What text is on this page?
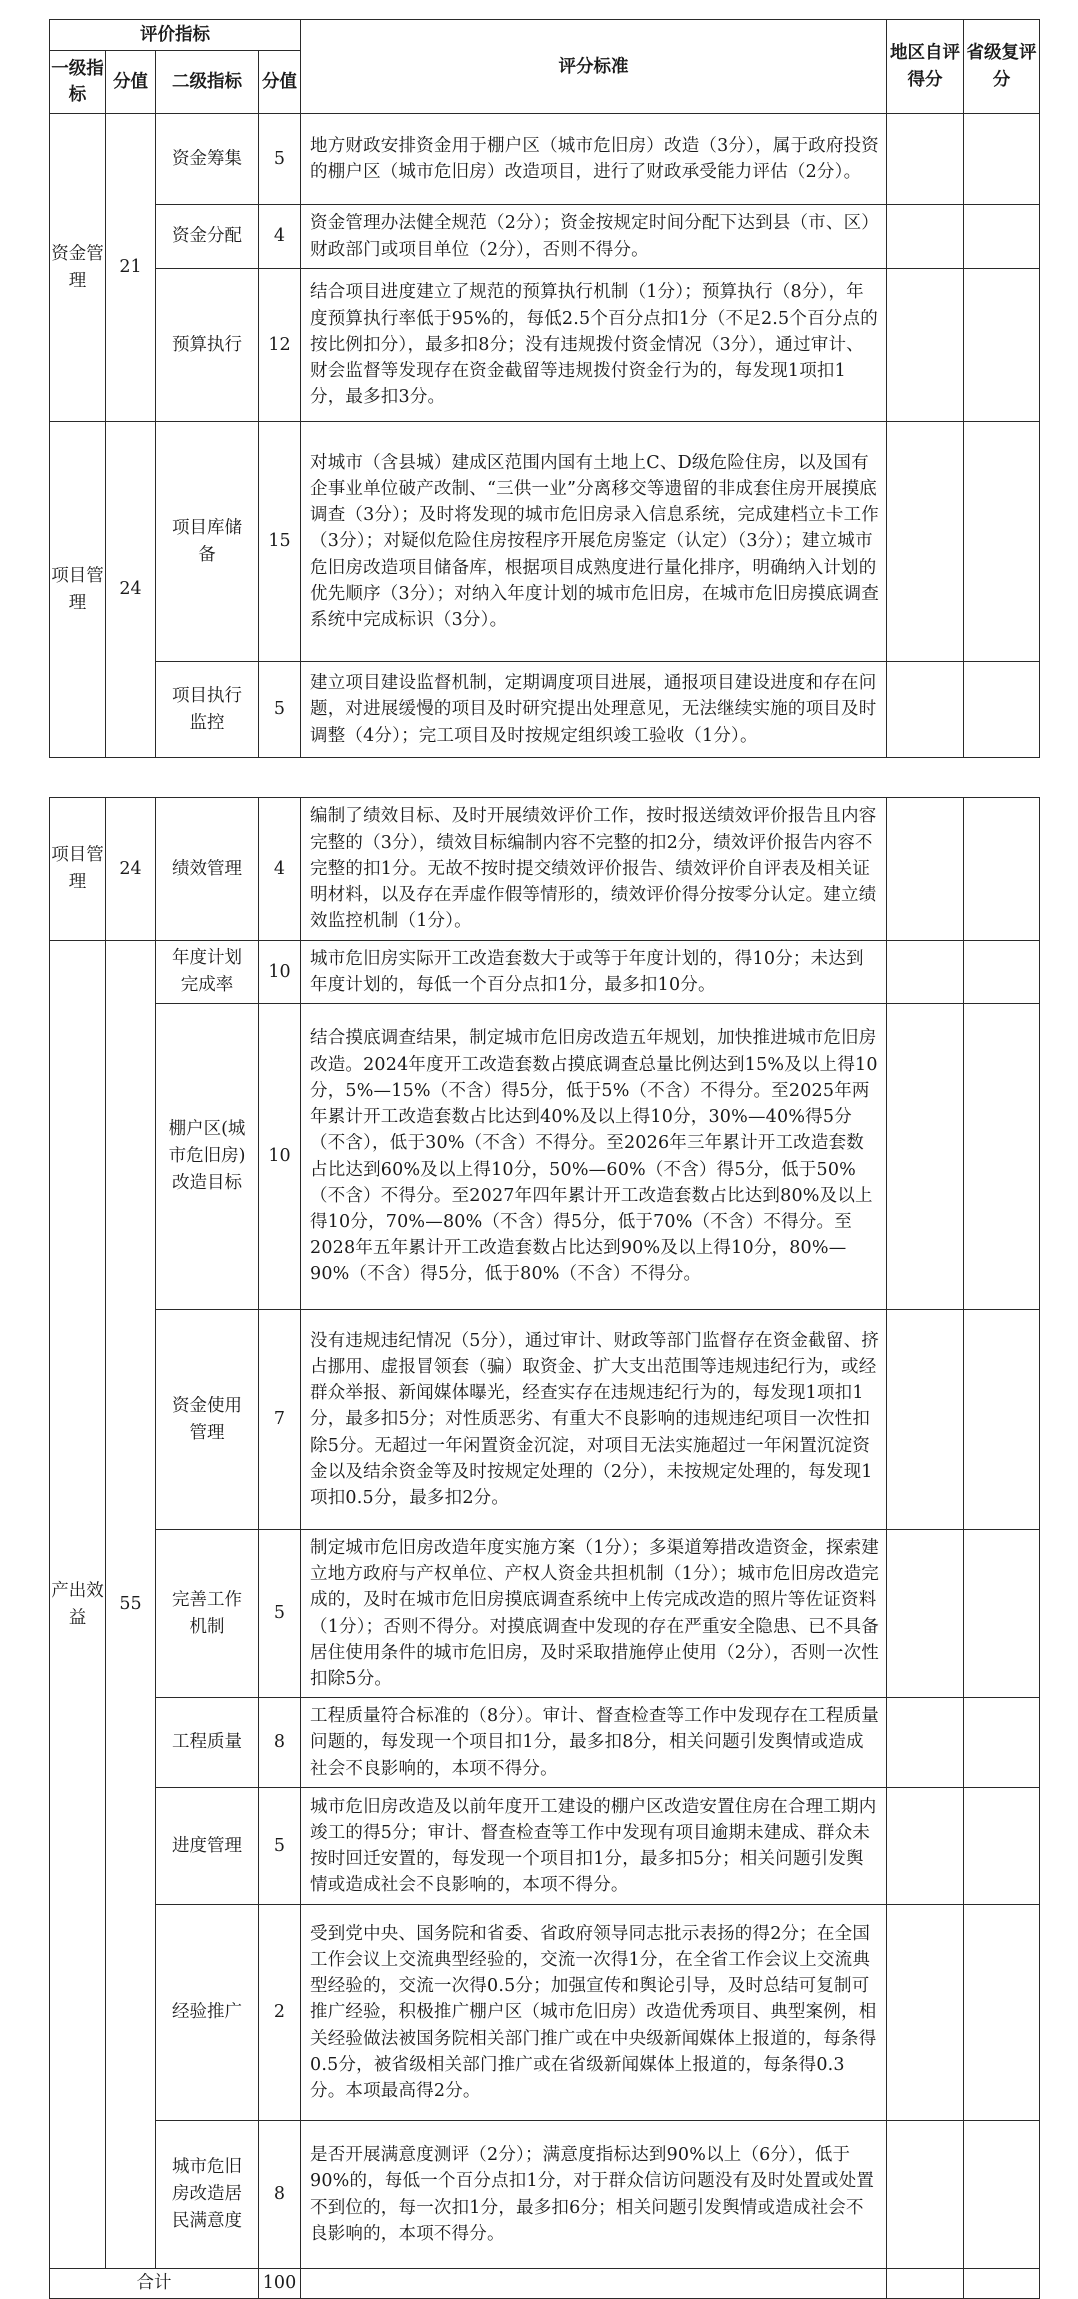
评价指标				评分标准	地区自评得分	省级复评分
一级指标	分值	二级指标	分值			
资金管理	21	资金筹集	5	地方财政安排资金用于棚户区（城市危旧房）改造（3分），属于政府投资的棚户区（城市危旧房）改造项目，进行了财政承受能力评估（2分）。		
		资金分配	4	资金管理办法健全规范（2分）；资金按规定时间分配下达到县（市、区）财政部门或项目单位（2分），否则不得分。		
		预算执行	12	结合项目进度建立了规范的预算执行机制（1分）；预算执行（8分），年度预算执行率低于95%的，每低2.5个百分点扣1分（不足2.5个百分点的按比例扣分），最多扣8分；没有违规拨付资金情况（3分），通过审计、财会监督等发现存在资金截留等违规拨付资金行为的，每发现1项扣1分，最多扣3分。		
项目管理	24	项目库储备	15	对城市（含县城）建成区范围内国有土地上C、D级危险住房，以及国有企事业单位破产改制、“三供一业”分离移交等遗留的非成套住房开展摸底调查（3分）；及时将发现的城市危旧房录入信息系统，完成建档立卡工作（3分）；对疑似危险住房按程序开展危房鉴定（认定）（3分）；建立城市危旧房改造项目储备库，根据项目成熟度进行量化排序，明确纳入计划的优先顺序（3分）；对纳入年度计划的城市危旧房，在城市危旧房摸底调查系统中完成标识（3分）。		
		项目执行监控	5	建立项目建设监督机制，定期调度项目进展，通报项目建设进度和存在问题，对进展缓慢的项目及时研究提出处理意见，无法继续实施的项目及时调整（4分）；完工项目及时按规定组织竣工验收（1分）。		
项目管理	24	绩效管理	4	编制了绩效目标、及时开展绩效评价工作，按时报送绩效评价报告且内容完整的（3分），绩效目标编制内容不完整的扣2分，绩效评价报告内容不完整的扣1分。无故不按时提交绩效评价报告、绩效评价自评表及相关证明材料，以及存在弄虚作假等情形的，绩效评价得分按零分认定。建立绩效监控机制（1分）。		
产出效益	55	年度计划完成率	10	城市危旧房实际开工改造套数大于或等于年度计划的，得10分；未达到年度计划的，每低一个百分点扣1分，最多扣10分。		
		棚户区(城市危旧房)改造目标	10	结合摸底调查结果，制定城市危旧房改造五年规划，加快推进城市危旧房改造。2024年度开工改造套数占摸底调查总量比例达到15%及以上得10分，5%—15%（不含）得5分，低于5%（不含）不得分。至2025年两年累计开工改造套数占比达到40%及以上得10分，30%—40%得5分（不含），低于30%（不含）不得分。至2026年三年累计开工改造套数占比达到60%及以上得10分，50%—60%（不含）得5分，低于50%（不含）不得分。至2027年四年累计开工改造套数占比达到80%及以上得10分，70%—80%（不含）得5分，低于70%（不含）不得分。至2028年五年累计开工改造套数占比达到90%及以上得10分，80%—90%（不含）得5分，低于80%（不含）不得分。		
		资金使用管理	7	没有违规违纪情况（5分），通过审计、财政等部门监督存在资金截留、挤占挪用、虚报冒领套（骗）取资金、扩大支出范围等违规违纪行为，或经群众举报、新闻媒体曝光，经查实存在违规违纪行为的，每发现1项扣1分，最多扣5分；对性质恶劣、有重大不良影响的违规违纪项目一次性扣除5分。无超过一年闲置资金沉淀，对项目无法实施超过一年闲置沉淀资金以及结余资金等及时按规定处理的（2分），未按规定处理的，每发现1项扣0.5分，最多扣2分。		
		完善工作机制	5	制定城市危旧房改造年度实施方案（1分）；多渠道筹措改造资金，探索建立地方政府与产权单位、产权人资金共担机制（1分）；城市危旧房改造完成的，及时在城市危旧房摸底调查系统中上传完成改造的照片等佐证资料（1分）；否则不得分。对摸底调查中发现的存在严重安全隐患、已不具备居住使用条件的城市危旧房，及时采取措施停止使用（2分），否则一次性扣除5分。		
		工程质量	8	工程质量符合标准的（8分）。审计、督查检查等工作中发现存在工程质量问题的，每发现一个项目扣1分，最多扣8分，相关问题引发舆情或造成社会不良影响的，本项不得分。		
		进度管理	5	城市危旧房改造及以前年度开工建设的棚户区改造安置住房在合理工期内竣工的得5分；审计、督查检查等工作中发现有项目逾期未建成、群众未按时回迁安置的，每发现一个项目扣1分，最多扣5分；相关问题引发舆情或造成社会不良影响的，本项不得分。		
		经验推广	2	受到党中央、国务院和省委、省政府领导同志批示表扬的得2分；在全国工作会议上交流典型经验的，交流一次得1分，在全省工作会议上交流典型经验的，交流一次得0.5分；加强宣传和舆论引导，及时总结可复制可推广经验，积极推广棚户区（城市危旧房）改造优秀项目、典型案例，相关经验做法被国务院相关部门推广或在中央级新闻媒体上报道的，每条得0.5分，被省级相关部门推广或在省级新闻媒体上报道的，每条得0.3分。本项最高得2分。		
		城市危旧房改造居民满意度	8	是否开展满意度测评（2分）；满意度指标达到90%以上（6分），低于90%的，每低一个百分点扣1分，对于群众信访问题没有及时处置或处置不到位的，每一次扣1分，最多扣6分；相关问题引发舆情或造成社会不良影响的，本项不得分。		
合计			100			
